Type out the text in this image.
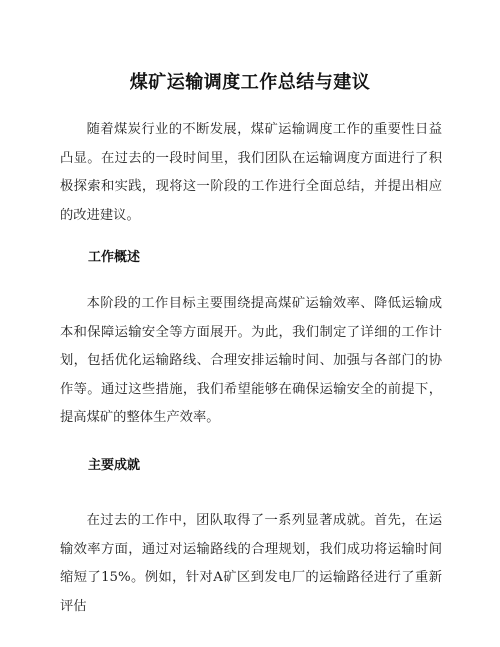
煤矿运输调度工作总结与建议

随着煤炭行业的不断发展，煤矿运输调度工作的重要性日益凸显。在过去的一段时间里，我们团队在运输调度方面进行了积极探索和实践，现将这一阶段的工作进行全面总结，并提出相应的改进建议。

工作概述

本阶段的工作目标主要围绕提高煤矿运输效率、降低运输成本和保障运输安全等方面展开。为此，我们制定了详细的工作计划，包括优化运输路线、合理安排运输时间、加强与各部门的协作等。通过这些措施，我们希望能够在确保运输安全的前提下，提高煤矿的整体生产效率。

主要成就

在过去的工作中，团队取得了一系列显著成就。首先，在运输效率方面，通过对运输路线的合理规划，我们成功将运输时间缩短了15%。例如，针对A矿区到发电厂的运输路径进行了重新评估
